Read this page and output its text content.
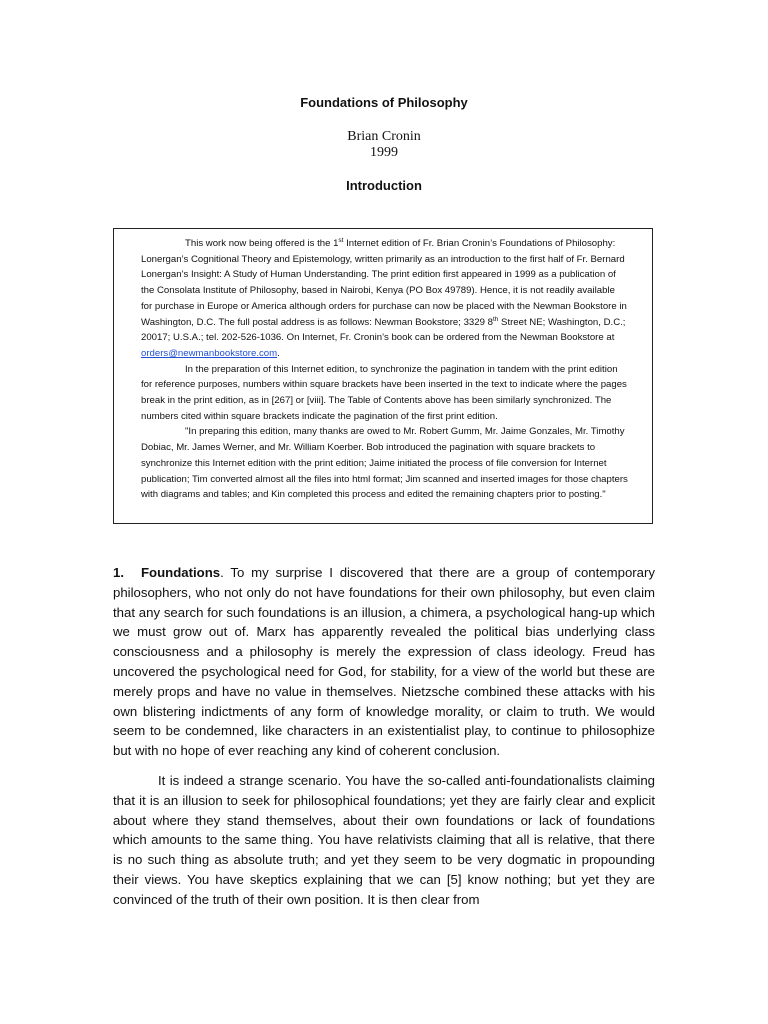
Foundations of Philosophy
Brian Cronin
1999
Introduction

This work now being offered is the 1st Internet edition of Fr. Brian Cronin’s Foundations of Philosophy: Lonergan’s Cognitional Theory and Epistemology, written primarily as an introduction to the first half of Fr. Bernard Lonergan’s Insight: A Study of Human Understanding. The print edition first appeared in 1999 as a publication of the Consolata Institute of Philosophy, based in Nairobi, Kenya (PO Box 49789). Hence, it is not readily available for purchase in Europe or America although orders for purchase can now be placed with the Newman Bookstore in Washington, D.C. The full postal address is as follows: Newman Bookstore; 3329 8th Street NE; Washington, D.C.; 20017; U.S.A.; tel. 202-526-1036. On Internet, Fr. Cronin’s book can be ordered from the Newman Bookstore at orders@newmanbookstore.com.

In the preparation of this Internet edition, to synchronize the pagination in tandem with the print edition for reference purposes, numbers within square brackets have been inserted in the text to indicate where the pages break in the print edition, as in [267] or [viii]. The Table of Contents above has been similarly synchronized. The numbers cited within square brackets indicate the pagination of the first print edition.

"In preparing this edition, many thanks are owed to Mr. Robert Gumm, Mr. Jaime Gonzales, Mr. Timothy Dobiac, Mr. James Werner, and Mr. William Koerber. Bob introduced the pagination with square brackets to synchronize this Internet edition with the print edition; Jaime initiated the process of file conversion for Internet publication; Tim converted almost all the files into html format; Jim scanned and inserted images for those chapters with diagrams and tables; and Kin completed this process and edited the remaining chapters prior to posting."

1. Foundations. To my surprise I discovered that there are a group of contemporary philosophers, who not only do not have foundations for their own philosophy, but even claim that any search for such foundations is an illusion, a chimera, a psychological hang-up which we must grow out of. Marx has apparently revealed the political bias underlying class consciousness and a philosophy is merely the expression of class ideology. Freud has uncovered the psychological need for God, for stability, for a view of the world but these are merely props and have no value in themselves. Nietzsche combined these attacks with his own blistering indictments of any form of knowledge morality, or claim to truth. We would seem to be condemned, like characters in an existentialist play, to continue to philosophize but with no hope of ever reaching any kind of coherent conclusion.

It is indeed a strange scenario. You have the so-called anti-foundationalists claiming that it is an illusion to seek for philosophical foundations; yet they are fairly clear and explicit about where they stand themselves, about their own foundations or lack of foundations which amounts to the same thing. You have relativists claiming that all is relative, that there is no such thing as absolute truth; and yet they seem to be very dogmatic in propounding their views. You have skeptics explaining that we can [5] know nothing; but yet they are convinced of the truth of their own position. It is then clear from
